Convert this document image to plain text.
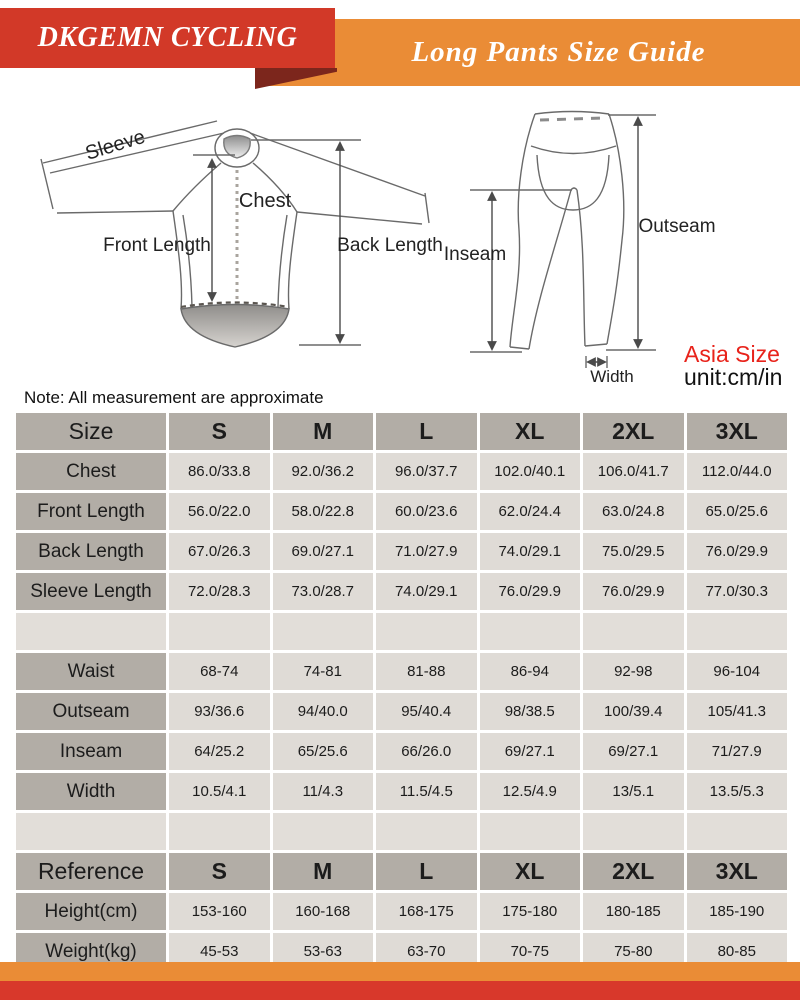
Long Pants Size Guide
DKGEMN CYCLING
Sleeve
Chest
Front Length	Back Length Inseam
Outseam
Width
Asia Size
unit:cm/in
Note: All measurement are approximate
Size	S	M	L	XL	2XL	3XL
Chest	86.0/33.8	92.0/36.2	96.0/37.7	102.0/40.1	106.0/41.7	112.0/44.0
Front Length	56.0/22.0	58.0/22.8	60.0/23.6	62.0/24.4	63.0/24.8	65.0/25.6
Back Length	67.0/26.3	69.0/27.1	71.0/27.9	74.0/29.1	75.0/29.5	76.0/29.9
Sleeve Length	72.0/28.3	73.0/28.7	74.0/29.1	76.0/29.9	76.0/29.9	77.0/30.3

Waist	68-74	74-81	81-88	86-94	92-98	96-104
Outseam	93/36.6	94/40.0	95/40.4	98/38.5	100/39.4	105/41.3
Inseam	64/25.2	65/25.6	66/26.0	69/27.1	69/27.1	71/27.9
Width	10.5/4.1	11/4.3	11.5/4.5	12.5/4.9	13/5.1	13.5/5.3

Reference	S	M	L	XL	2XL	3XL
Height(cm)	153-160	160-168	168-175	175-180	180-185	185-190
Weight(kg)	45-53	53-63	63-70	70-75	75-80	80-85
